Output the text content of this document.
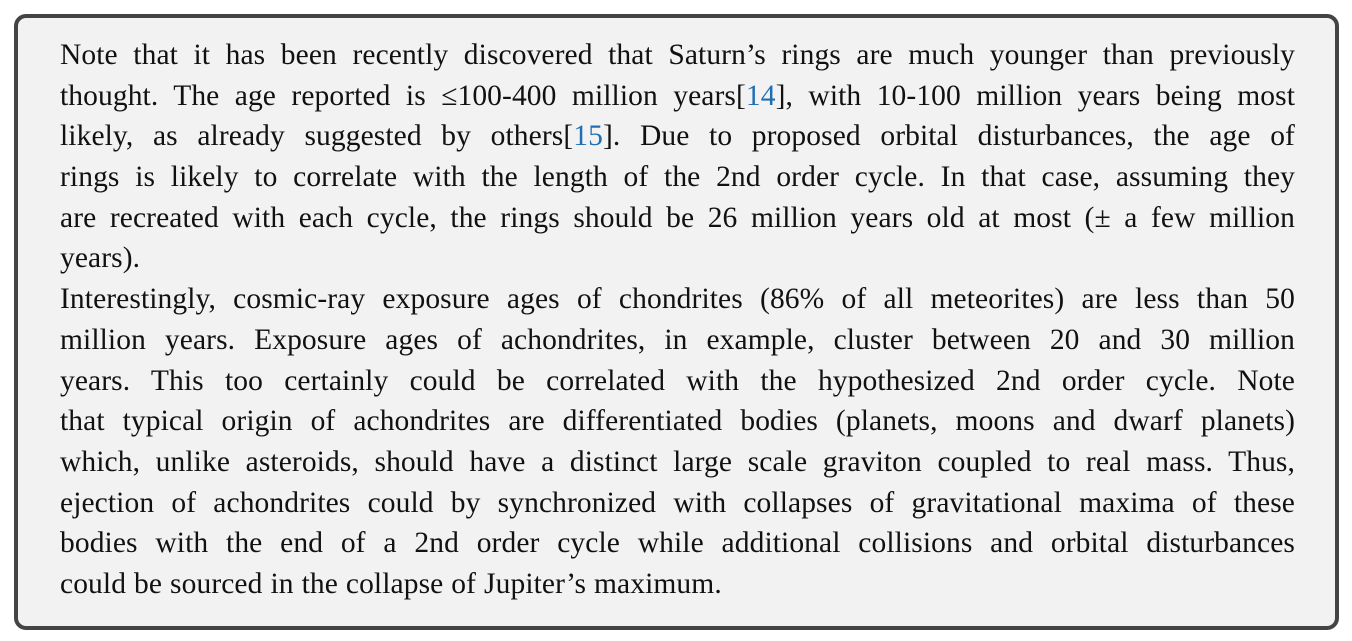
Note that it has been recently discovered that Saturn’s rings are much younger than previously
thought. The age reported is ≤100-400 million years[14], with 10-100 million years being most
likely, as already suggested by others[15]. Due to proposed orbital disturbances, the age of
rings is likely to correlate with the length of the 2nd order cycle. In that case, assuming they
are recreated with each cycle, the rings should be 26 million years old at most (± a few million
years).
Interestingly, cosmic-ray exposure ages of chondrites (86% of all meteorites) are less than 50
million years. Exposure ages of achondrites, in example, cluster between 20 and 30 million
years. This too certainly could be correlated with the hypothesized 2nd order cycle. Note
that typical origin of achondrites are differentiated bodies (planets, moons and dwarf planets)
which, unlike asteroids, should have a distinct large scale graviton coupled to real mass. Thus,
ejection of achondrites could by synchronized with collapses of gravitational maxima of these
bodies with the end of a 2nd order cycle while additional collisions and orbital disturbances
could be sourced in the collapse of Jupiter’s maximum.
